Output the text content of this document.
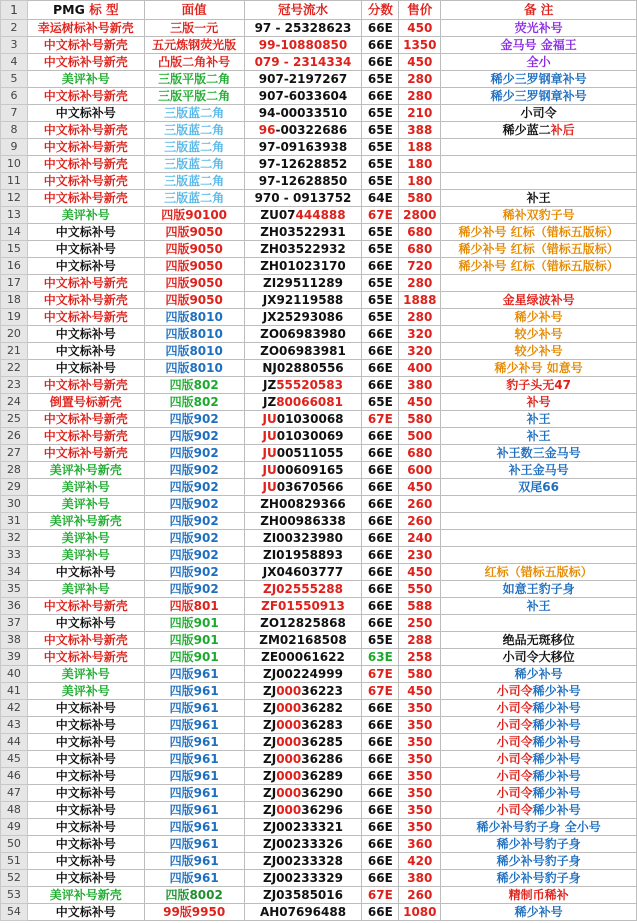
1	PMG 标 型	面值	冠号流水	分数	售价	备 注
2	幸运树标补号新壳	三版一元	97 - 25328623	66E	450	荧光补号
3	中文标补号新壳	五元炼钢荧光版	99-10880850	66E	1350	金马号 金福王
4	中文标补号新壳	凸版二角补号	079 - 2314334	66E	450	全小
5	美评补号	三版平版二角	907-2197267	65E	280	稀少三罗钢章补号
6	中文标补号新壳	三版平版二角	907-6033604	66E	280	稀少三罗钢章补号
7	中文标补号	三版蓝二角	94-00033510	65E	210	小司令
8	中文标补号新壳	三版蓝二角	96-00322686	65E	388	稀少蓝二补后
9	中文标补号新壳	三版蓝二角	97-09163938	65E	188	
10	中文标补号新壳	三版蓝二角	97-12628852	65E	180	
11	中文标补号新壳	三版蓝二角	97-12628850	65E	180	
12	中文标补号新壳	三版蓝二角	970 - 0913752	64E	580	补王
13	美评补号	四版90100	ZU07444888	67E	2800	稀补双豹子号
14	中文标补号	四版9050	ZH03522931	65E	680	稀少补号 红标（错标五版标）
15	中文标补号	四版9050	ZH03522932	65E	680	稀少补号 红标（错标五版标）
16	中文标补号	四版9050	ZH01023170	66E	720	稀少补号 红标（错标五版标）
17	中文标补号新壳	四版9050	ZI29511289	65E	280	
18	中文标补号新壳	四版9050	JX92119588	65E	1888	金星绿波补号
19	中文标补号新壳	四版8010	JX25293086	65E	280	稀少补号
20	中文标补号	四版8010	ZO06983980	66E	320	较少补号
21	中文标补号	四版8010	ZO06983981	66E	320	较少补号
22	中文标补号	四版8010	NJ02880556	66E	400	稀少补号 如意号
23	中文标补号新壳	四版802	JZ55520583	66E	380	豹子头无47
24	倒置号标新壳	四版802	JZ80066081	65E	450	补号
25	中文标补号新壳	四版902	JU01030068	67E	580	补王
26	中文标补号新壳	四版902	JU01030069	66E	500	补王
27	中文标补号新壳	四版902	JU00511055	66E	680	补王数三金马号
28	美评补号新壳	四版902	JU00609165	66E	600	补王金马号
29	美评补号	四版902	JU03670566	66E	450	双尾66
30	美评补号	四版902	ZH00829366	66E	260	
31	美评补号新壳	四版902	ZH00986338	66E	260	
32	美评补号	四版902	ZI00323980	66E	240	
33	美评补号	四版902	ZI01958893	66E	230	
34	中文标补号	四版902	JX04603777	66E	450	红标（错标五版标）
35	美评补号	四版902	ZJ02555288	66E	550	如意王豹子身
36	中文标补号新壳	四版801	ZF01550913	66E	588	补王
37	中文标补号	四版901	ZO12825868	66E	250	
38	中文标补号新壳	四版901	ZM02168508	65E	288	绝品无斑移位
39	中文标补号新壳	四版901	ZE00061622	63E	258	小司令大移位
40	美评补号	四版961	ZJ00224999	67E	580	稀少补号
41	美评补号	四版961	ZJ00036223	67E	450	小司令稀少补号
42	中文标补号	四版961	ZJ00036282	66E	350	小司令稀少补号
43	中文标补号	四版961	ZJ00036283	66E	350	小司令稀少补号
44	中文标补号	四版961	ZJ00036285	66E	350	小司令稀少补号
45	中文标补号	四版961	ZJ00036286	66E	350	小司令稀少补号
46	中文标补号	四版961	ZJ00036289	66E	350	小司令稀少补号
47	中文标补号	四版961	ZJ00036290	66E	350	小司令稀少补号
48	中文标补号	四版961	ZJ00036296	66E	350	小司令稀少补号
49	中文标补号	四版961	ZJ00233321	66E	350	稀少补号豹子身 全小号
50	中文标补号	四版961	ZJ00233326	66E	360	稀少补号豹子身
51	中文标补号	四版961	ZJ00233328	66E	420	稀少补号豹子身
52	中文标补号	四版961	ZJ00233329	66E	380	稀少补号豹子身
53	美评补号新壳	四版8002	ZJ03585016	67E	260	精制币稀补
54	中文标补号	99版9950	AH07696488	66E	1080	稀少补号
